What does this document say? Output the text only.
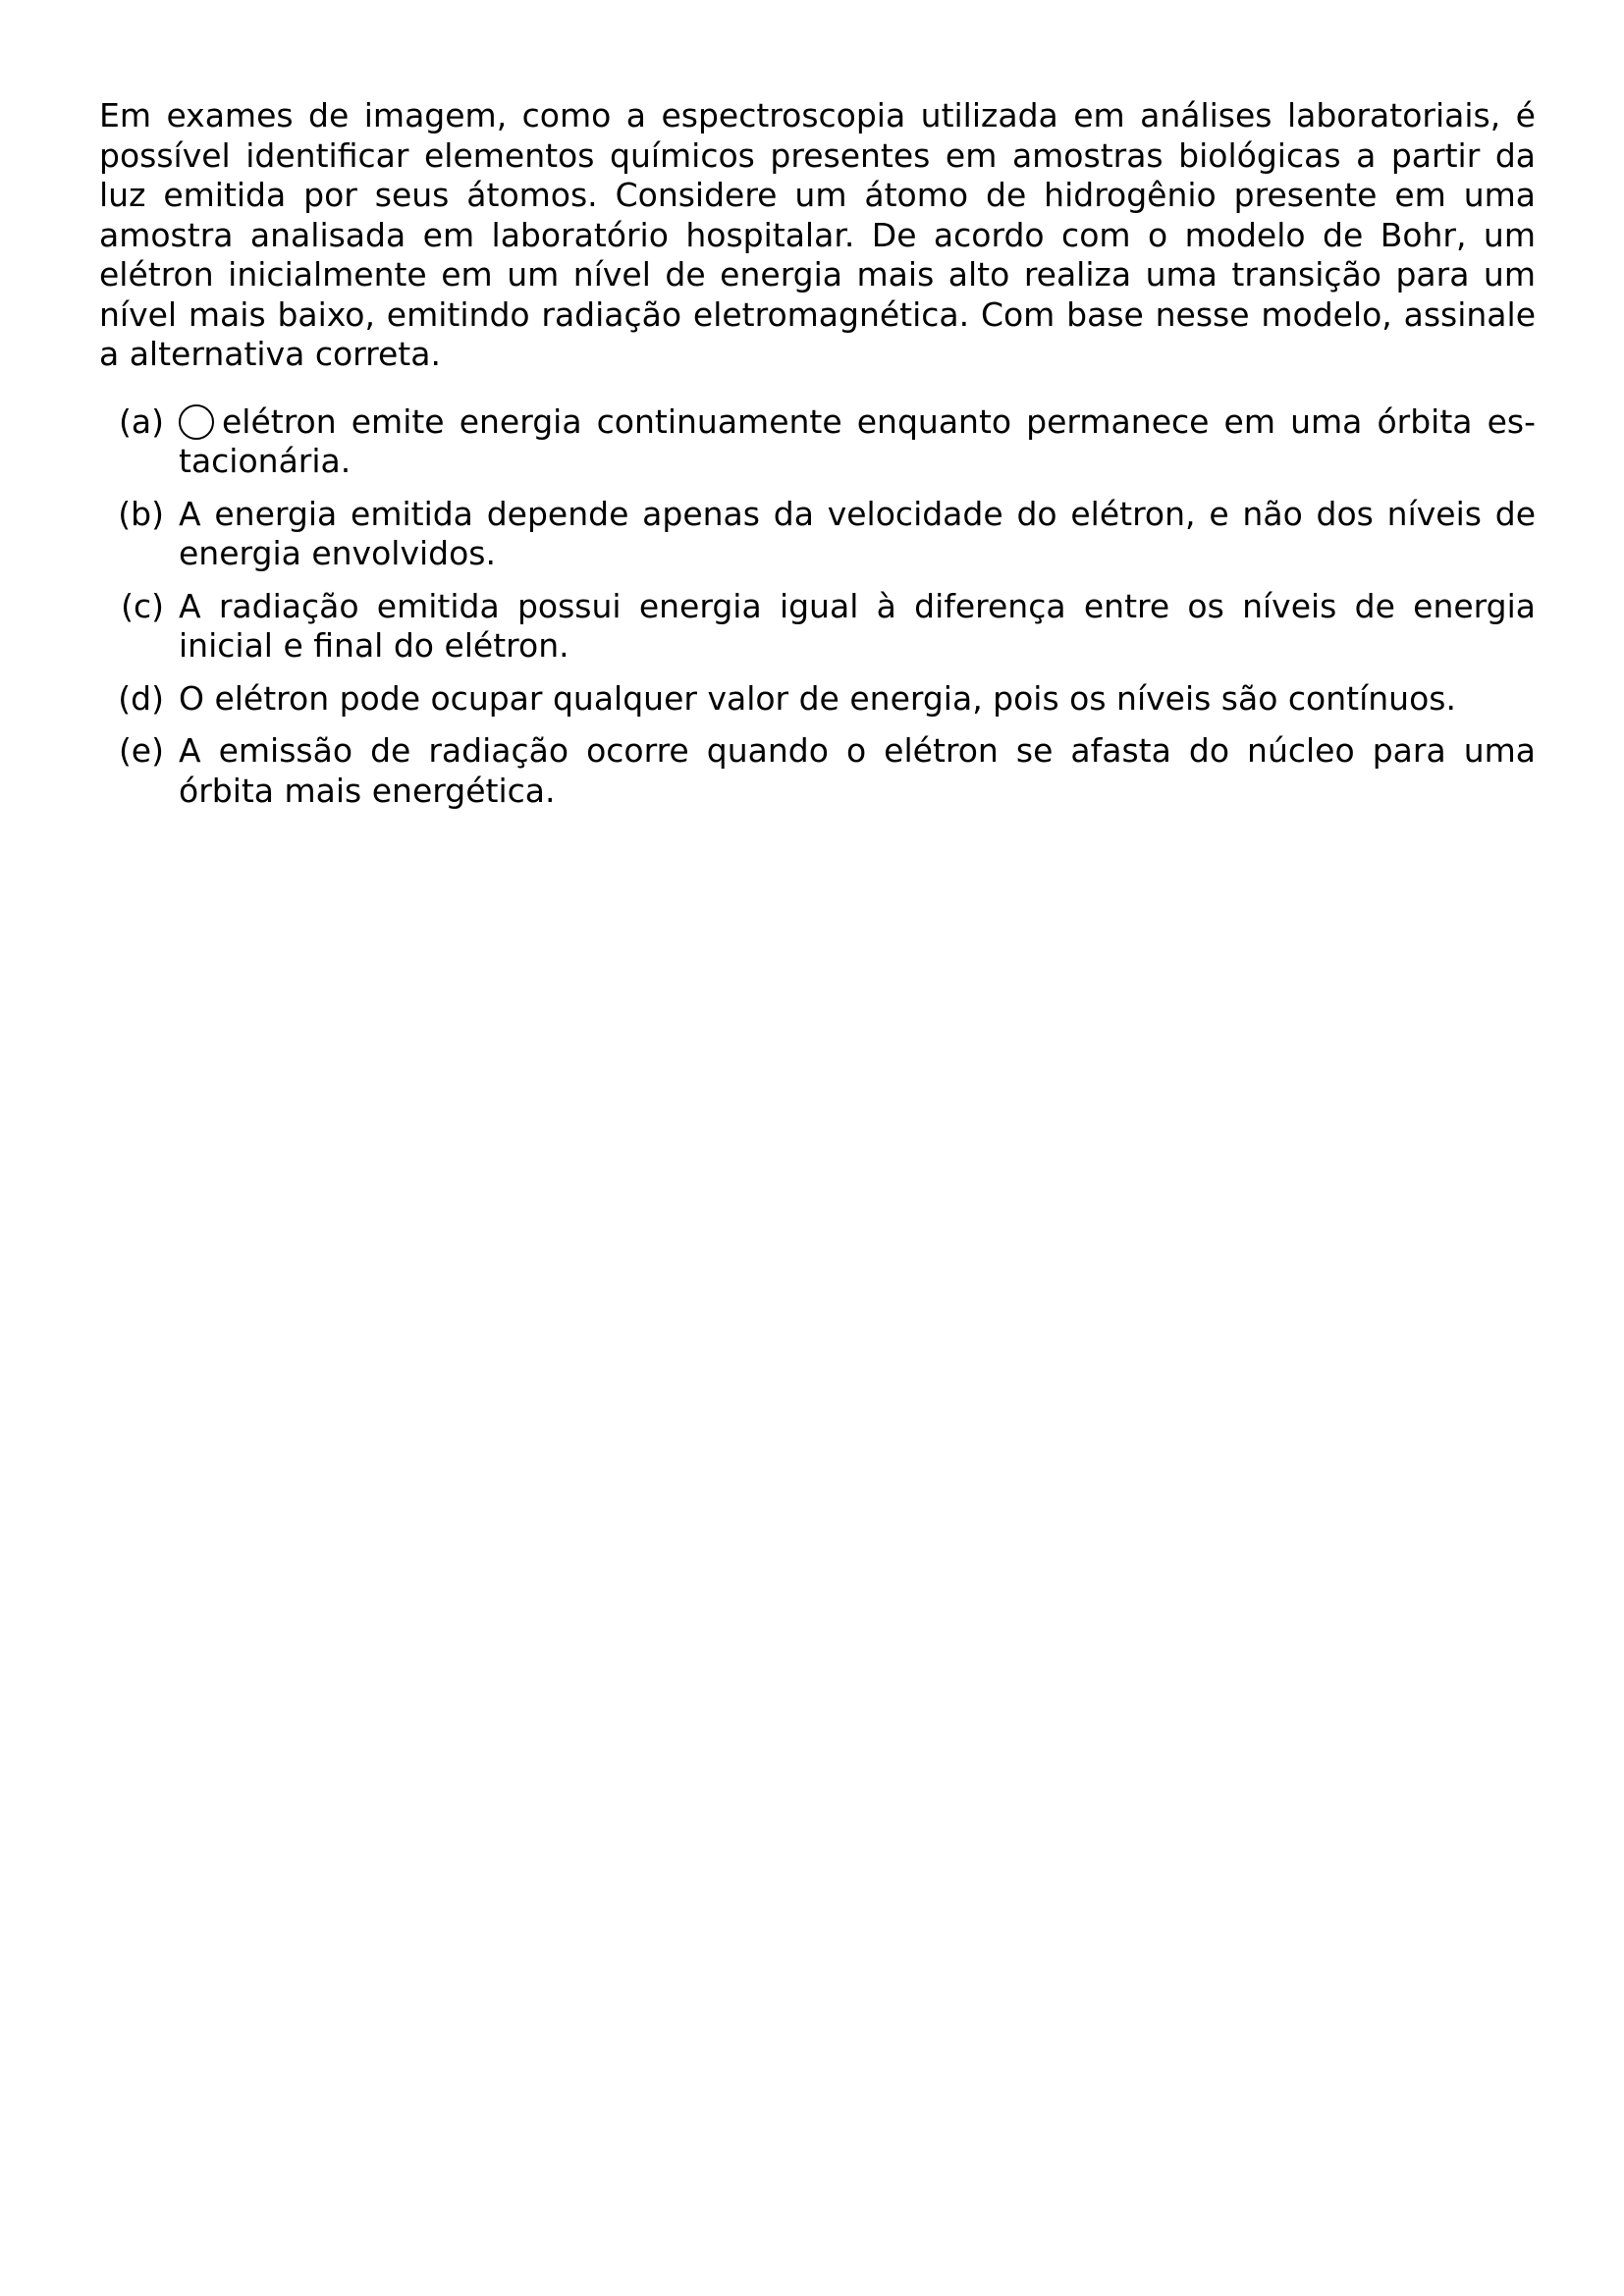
Em exames de imagem, como a espectroscopia utilizada em análises laboratoriais, é possível identificar elementos químicos presentes em amostras biológicas a partir da luz emitida por seus átomos. Considere um átomo de hidrogênio presente em uma amostra analisada em laboratório hospitalar. De acordo com o modelo de Bohr, um elétron inicialmente em um nível de energia mais alto realiza uma transição para um nível mais baixo, emitindo radiação eletromagnética. Com base nesse modelo, assinale a alternativa correta.

(a)	elétron emite energia continuamente enquanto permanece em uma órbita estacionária.
(b) A energia emitida depende apenas da velocidade do elétron, e não dos níveis de energia envolvidos.
(c) A radiação emitida possui energia igual à diferença entre os níveis de energia inicial e final do elétron.
(d) O elétron pode ocupar qualquer valor de energia, pois os níveis são contínuos.
(e) A emissão de radiação ocorre quando o elétron se afasta do núcleo para uma órbita mais energética.
